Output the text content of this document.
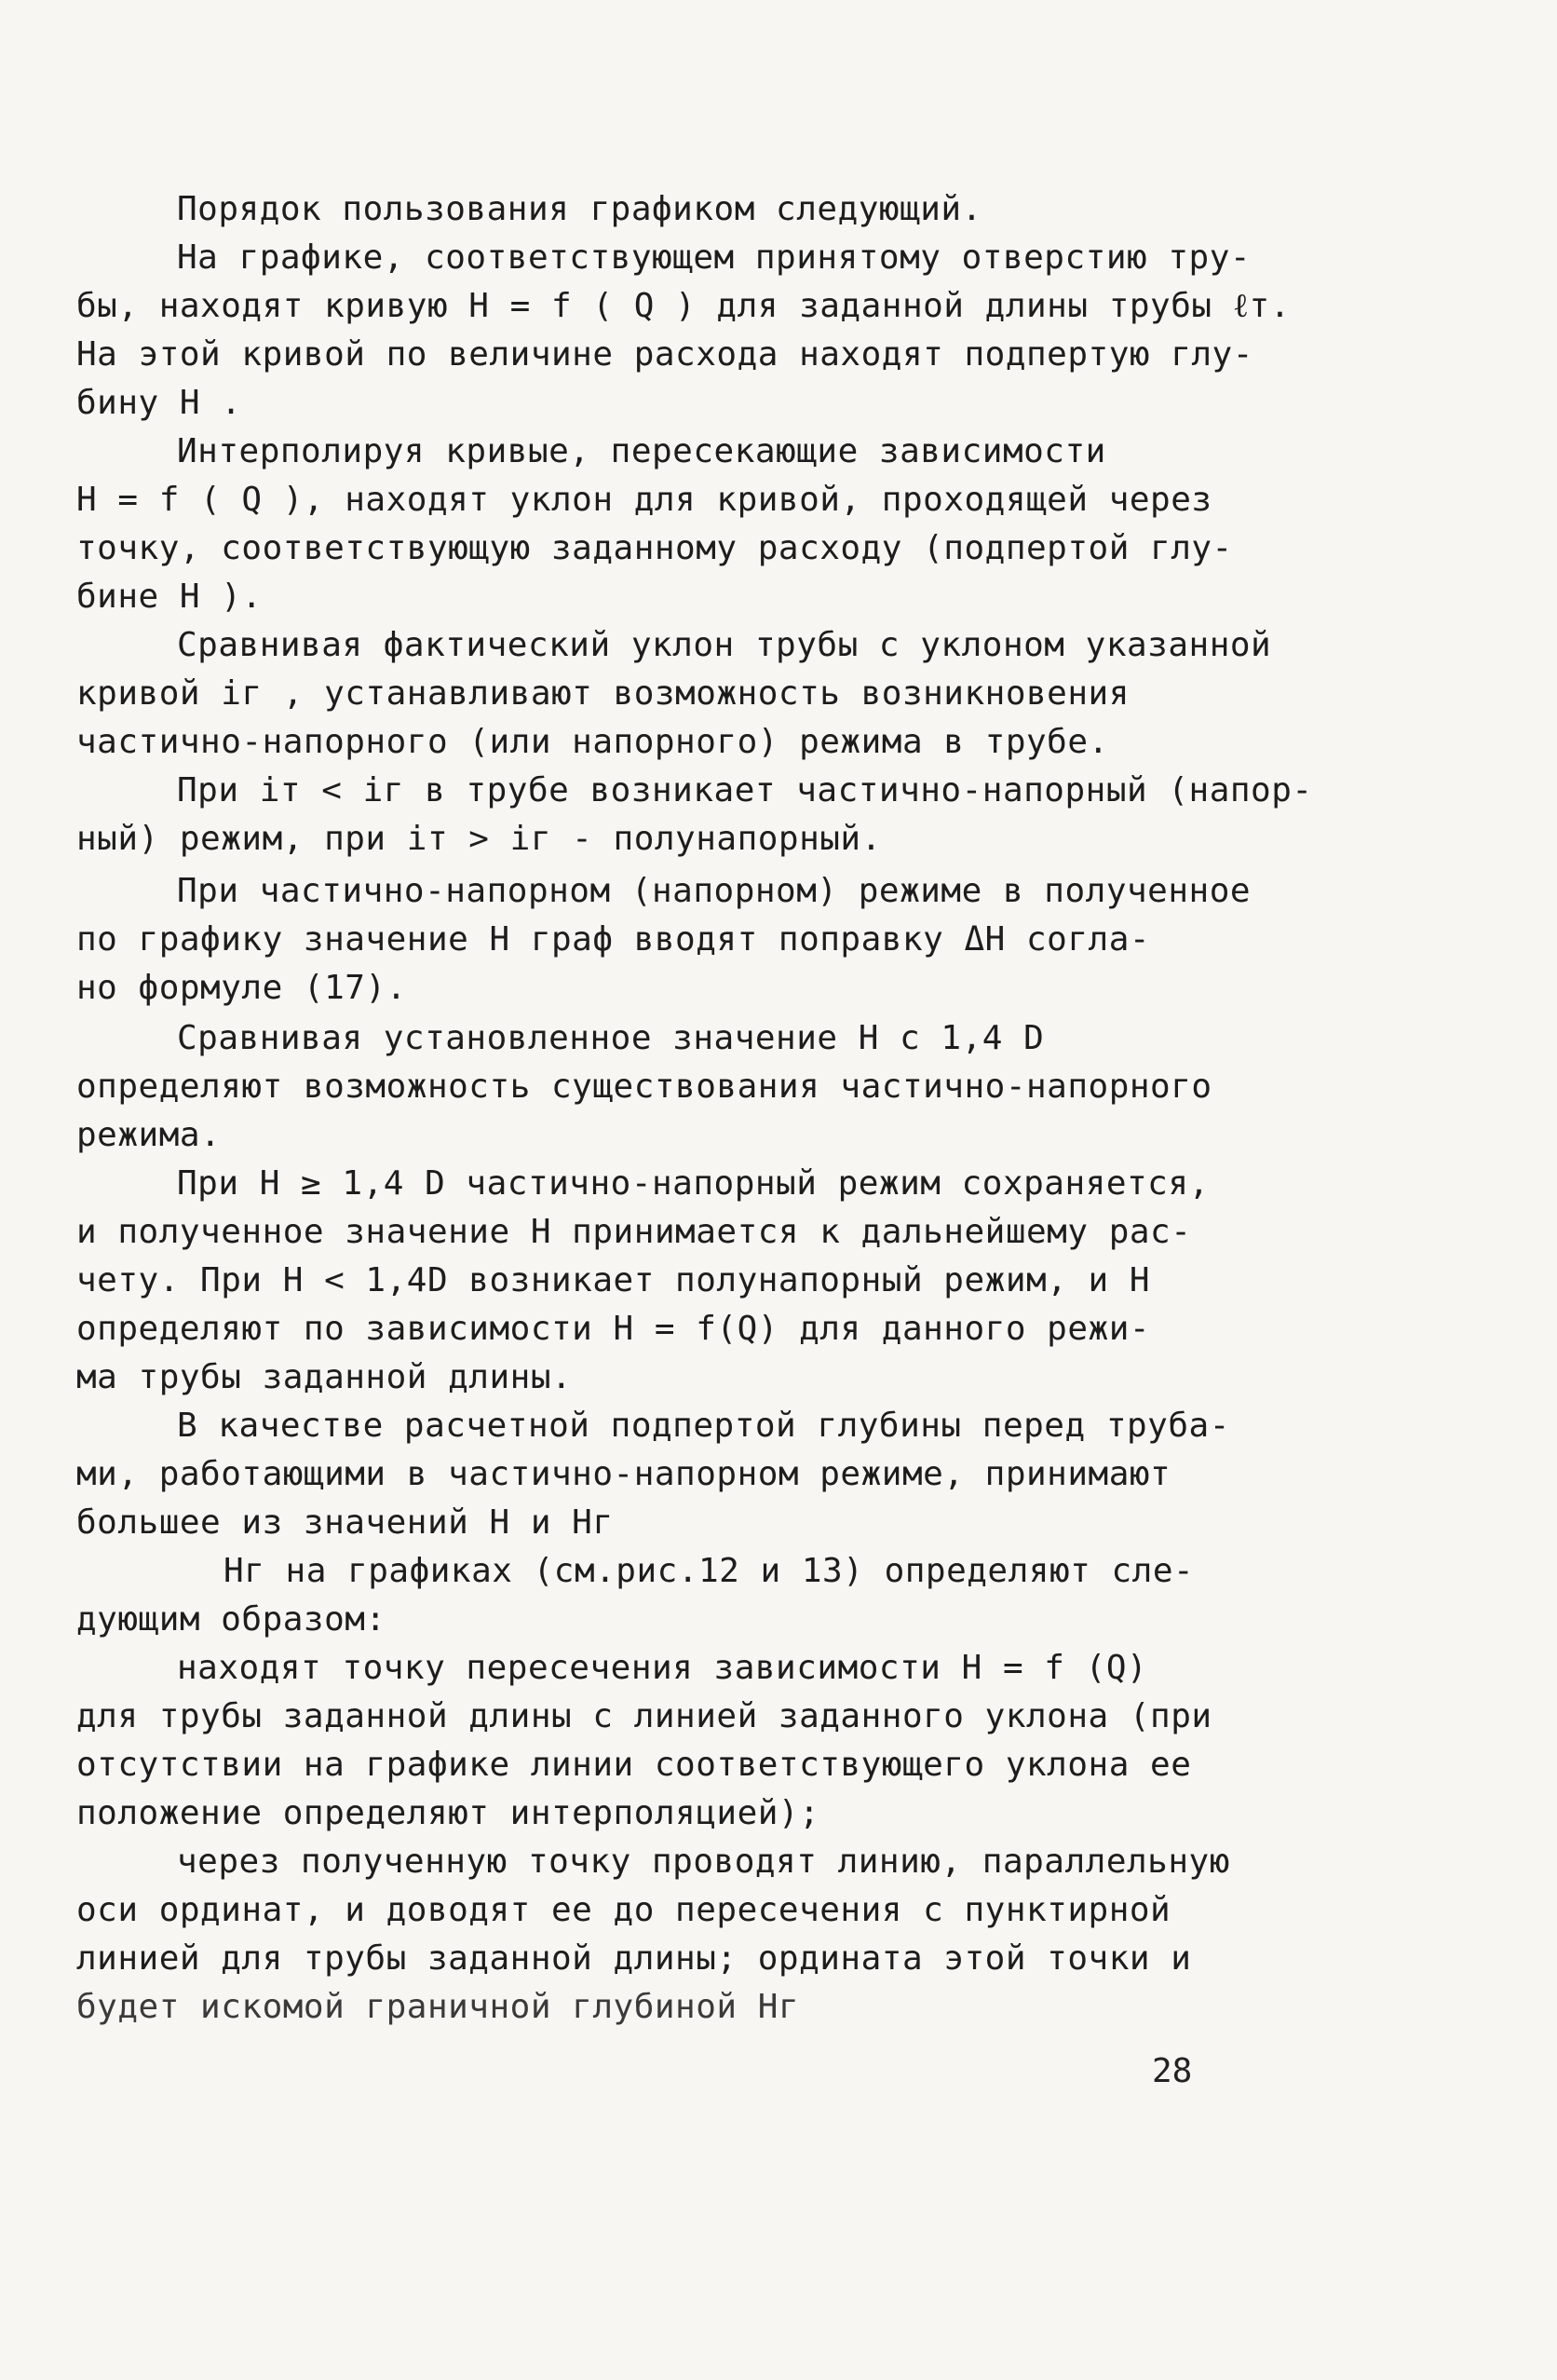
Порядок пользования графиком следующий.
На графике, соответствующем принятому отверстию тру-
бы, находят кривую H = f ( Q ) для заданной длины трубы ℓт.
На этой кривой по величине расхода находят подпертую глу-
бину H .
Интерполируя кривые, пересекающие зависимости
H = f ( Q ), находят уклон для кривой, проходящей через
точку, соответствующую заданному расходу (подпертой глу-
бине H ).
Сравнивая фактический уклон трубы с уклоном указанной
кривой iг , устанавливают возможность возникновения
частично-напорного (или напорного) режима в трубе.
При iт < iг в трубе возникает частично-напорный (напор-
ный) режим, при iт > iг - полунапорный.
При частично-напорном (напорном) режиме в полученное
по графику значение H граф вводят поправку ΔH согла-
но формуле (17).
Сравнивая установленное значение H с 1,4 D
определяют возможность существования частично-напорного
режима.
При H ≥ 1,4 D частично-напорный режим сохраняется,
и полученное значение H принимается к дальнейшему рас-
чету. При H < 1,4D возникает полунапорный режим, и H
определяют по зависимости H = f(Q) для данного режи-
ма трубы заданной длины.
В качестве расчетной подпертой глубины перед труба-
ми, работающими в частично-напорном режиме, принимают
большее из значений H и Hг
Hг на графиках (см.рис.12 и 13) определяют сле-
дующим образом:
находят точку пересечения зависимости H = f (Q)
для трубы заданной длины с линией заданного уклона (при
отсутствии на графике линии соответствующего уклона ее
положение определяют интерполяцией);
через полученную точку проводят линию, параллельную
оси ординат, и доводят ее до пересечения с пунктирной
линией для трубы заданной длины; ордината этой точки и
будет искомой граничной глубиной Hг
28
